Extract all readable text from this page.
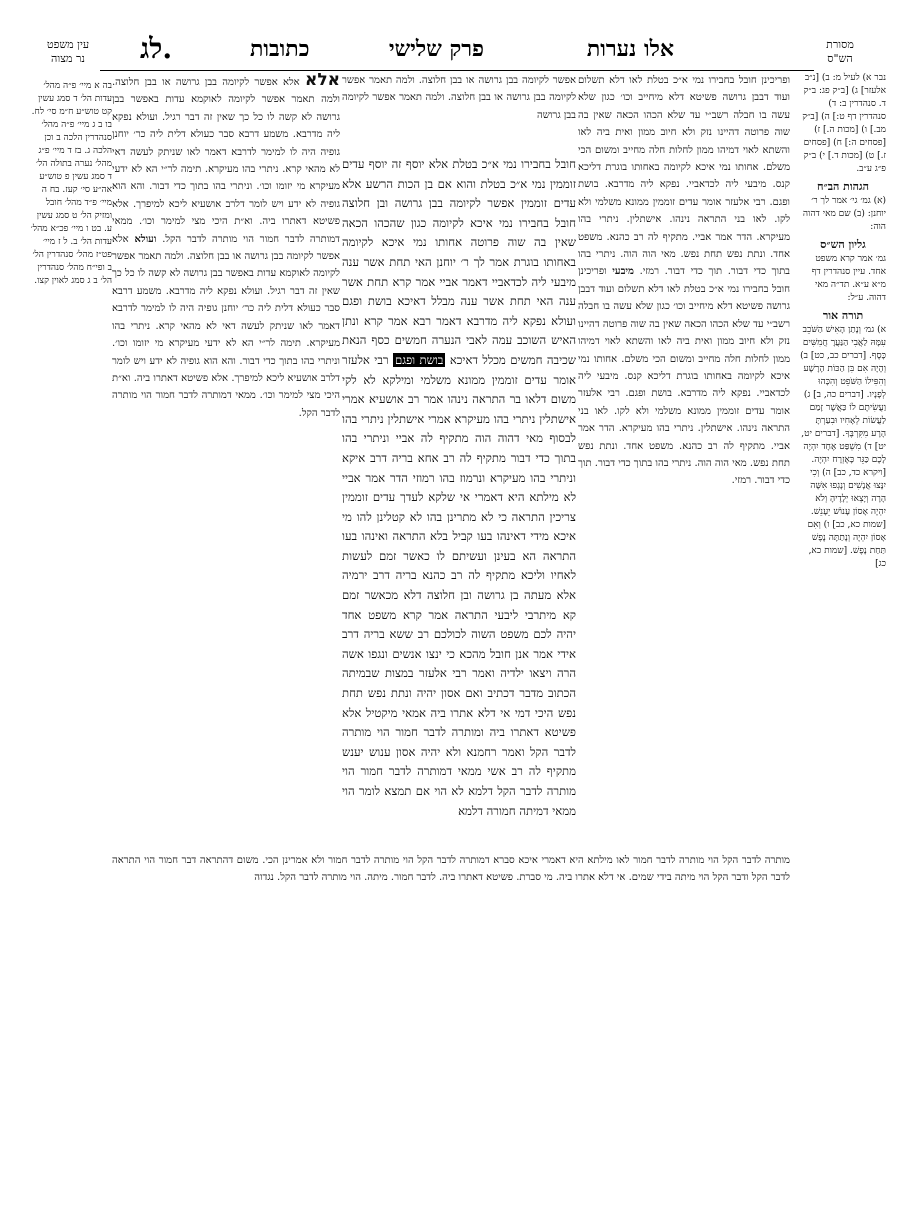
אלו נערות
פרק שלישי
כתובות
לג.
עין משפט
נר מצוה
מסורת
הש"ס
בה א מיי׳ פ״ה מהל׳ עדות הל׳ ד סמג עשין קט טוש״ע ח״מ סי׳ לח. בו ב ג מיי׳ פ״ה מהל׳ סנהדרין הלכה ב וכן הלכה ג. בז ד מיי׳ פ״ג מהל׳ נערה בתולה הל׳ ד סמג עשין פ טוש״ע אה״ע סי׳ קעז. בח ה מיי׳ פ״ד מהל׳ חובל ומזיק הל׳ ט סמג עשין ע. בט ו מיי׳ פכ״א מהל׳ עדות הל׳ ב. ל ז מיי׳ פט״ז מהל׳ סנהדרין הל׳ ב ופי״ח מהל׳ סנהדרין הל׳ ב ג סמג לאוין קצו.

אלא אלא אפשר לקיומה בבן גרושה או בבן חלוצה. ולמה תאמר אפשר לקיומה לאוקמא עדות באפשר בבן גרושה לא קשה לו כל כך שאין זה דבר רגיל. ועולא נפקא ליה מדרבא. משמע דרבא סבר כעולא דלית ליה כר׳ יוחנן גופיה היה לו למימר לדרבא דאמר לאו שניתק לעשה דאי לא מהאי קרא. ניתרי בהו מעיקרא. תימה לר״י הא לא ידעי מעיקרא מי יזומו וכו׳. וניתרי בהו בתוך כדי דבור. והא הוא גופיה לא ידע ויש לומר דלרב אושעיא ליכא למיפרך. אלא פשיטא דאתרו ביה. וא״ת היכי מצי למימר וכו׳. ממאי דמותרה לדבר חמור הוי מותרה לדבר הקל. ועולא אלא אפשר לקיומה בבן גרושה או בבן חלוצה. ולמה תאמר אפשר לקיומה לאוקמא עדות באפשר בבן גרושה לא קשה לו כל כך שאין זה דבר רגיל. ועולא נפקא ליה מדרבא. משמע דרבא סבר כעולא דלית ליה כר׳ יוחנן גופיה היה לו למימר לדרבא דאמר לאו שניתק לעשה דאי לא מהאי קרא. ניתרי בהו מעיקרא. תימה לר״י הא לא ידעי מעיקרא מי יזומו וכו׳. וניתרי בהו בתוך כדי דבור. והא הוא גופיה לא ידע ויש לומר דלרב אושעיא ליכא למיפרך. אלא פשיטא דאתרו ביה. וא״ת היכי מצי למימר וכו׳. ממאי דמותרה לדבר חמור הוי מותרה לדבר הקל.

חובל בחבירו נמי א״כ בטלת אלא יוסף זה יוסף עדים זוממין נמי א״כ בטלת והוא אם בן הכות הרשע אלא עדים זוממין אפשר לקיומה בבן גרושה ובן חלוצה חובל בחבירו נמי איכא לקיומה כגון שהכהו הכאה שאין בה שוה פרוטה אחותו נמי איכא לקיומה באחותו בוגרת אמר לך ר׳ יוחנן האי תחת אשר ענה מיבעי ליה לכדאביי דאמר אביי אמר קרא תחת אשר ענה האי תחת אשר ענה מבלל דאיכא בושת ופגם ועולא נפקא ליה מדרבא דאמר רבא אמר קרא ונתן האיש השוכב עמה לאבי הנערה חמשים כסף הנאת שכיבה חמשים מכלל דאיכא בושת ופגם רבי אלעזר אומר עדים זוממין ממונא משלמי ומילקא לא לקי משום דלאו בר התראה נינהו אמר רב אושעיא אמרי אישתלין ניתרי בהו מעיקרא אמרי אישתלין ניתרי בהו לבסוף מאי דהוה הוה מתקיף לה אביי וניתרי בהו בתוך כדי דבור מתקיף לה רב אחא בריה דרב איקא וניתרי בהו מעיקרא ונרמוז בהו רמוזי הדר אמר אביי לא מילתא היא דאמרי אי שלקא לעדך עדים זוממין צריכין התראה כי לא מתרינן בהו לא קטלינן להו מי איכא מידי דאינהו בעו קביל בלא התראה ואינהו בעו התראה הא בעינן ועשיתם לו כאשר זמם לעשות לאחיו וליכא מתקיף לה רב כהנא בריה דרב ירמיה אלא מעתה בן גרושה ובן חלוצה דלא מכאשר זמם קא מיתרבי ליבעי התראה אמר קרא משפט אחד יהיה לכם משפט השוה לכולכם רב ששא בריה דרב אידי אמר אנן חובל מהכא כי ינצו אנשים ונגפו אשה הרה ויצאו ילדיה ואמר רבי אלעזר במצות שבמיתה הכתוב מדבר דכתיב ואם אסון יהיה ונתת נפש תחת נפש היכי דמי אי דלא אתרו ביה אמאי מיקטיל אלא פשיטא דאתרו ביה ומותרה לדבר חמור הוי מותרה לדבר הקל ואמר רחמנא ולא יהיה אסון ענוש יענש מתקיף לה רב אשי ממאי דמותרה לדבר חמור הוי מותרה לדבר הקל דלמא לא הוי אם תמצא לומר הוי ממאי דמיתה חמורה דלמא

ופריכינן חובל בחבירו נמי א״כ בטלת לאו דלא תשלום ועוד דבבן גרושה פשיטא דלא מיחייב וכו׳ כגון שלא עשה בו חבלה רשב״י עד שלא הכהו הכאה שאין בה שוה פרוטה דהיינו נזק ולא חיוב ממון ואית ביה לאו והשתא לאוי דמיהו ממון לחלות חלה מחייב ומשום הכי משלם. אחותו נמי איכא לקיומה באחותו בוגרת דליכא קנס. מיבעי ליה לכדאביי. נפקא ליה מדרבא. בושת ופגם. רבי אלעזר אומר עדים זוממין ממונא משלמי ולא לקו. לאו בני התראה נינהו. אישתלין. ניתרי בהו מעיקרא. הדר אמר אביי. מתקיף לה רב כהנא. משפט אחד. ונתת נפש תחת נפש. מאי הוה הוה. ניתרי בהו בתוך כדי דבור. תוך כדי דבור. רמזי. מיבעי ופריכינן חובל בחבירו נמי א״כ בטלת לאו דלא תשלום ועוד דבבן גרושה פשיטא דלא מיחייב וכו׳ כגון שלא עשה בו חבלה רשב״י עד שלא הכהו הכאה שאין בה שוה פרוטה דהיינו נזק ולא חיוב ממון ואית ביה לאו והשתא לאוי דמיהו ממון לחלות חלה מחייב ומשום הכי משלם. אחותו נמי איכא לקיומה באחותו בוגרת דליכא קנס. מיבעי ליה לכדאביי. נפקא ליה מדרבא. בושת ופגם. רבי אלעזר אומר עדים זוממין ממונא משלמי ולא לקו. לאו בני התראה נינהו. אישתלין. ניתרי בהו מעיקרא. הדר אמר אביי. מתקיף לה רב כהנא. משפט אחד. ונתת נפש תחת נפש. מאי הוה הוה. ניתרי בהו בתוך כדי דבור. תוך כדי דבור. רמזי.

אפשר לקיומה בבן גרושה או בבן חלוצה. ולמה תאמר אפשר לקיומה בבן גרושה או בבן חלוצה. ולמה תאמר אפשר לקיומה בבן גרושה

נבר א) לעיל מ: ב) [נ״ב אלעזר] ג) [ב״ק פג: ב״ק ד. סנהדרין ב: ד) סנהדרין דף ט:] ה) [ב״ק מב.] ו) [מכות ה.] ז) [פסחים ה:] ח) [פסחים ז.] ט) [מכות ד.] י) ב״ק פ״ג ע״ב.
הגהות הב״ח
(א) גמ׳ גי׳ אמר לך ר׳ יוחנן: (ב) שם מאי דהוה הוה:
גליון הש״ס
גמ׳ אמר קרא משפט אחד. עיין סנהדרין דף מ״א ע״א. תד״ה מאי דהוה. ע״ל:
תורה אור
א) גמ׳ וְנָתַן הָאִישׁ הַשֹּׁכֵב עִמָּהּ לַאֲבִי הַנַּעֲרָ חֲמִשִּׁים כָּסֶף. [דברים כב, כט] ב) וְהָיָה אִם בִּן הַכּוֹת הָרָשָׁע וְהִפִּילוֹ הַשֹּׁפֵט וְהִכָּהוּ לְפָנָיו. [דברים כה, ב] ג) וַעֲשִׂיתֶם לוֹ כַּאֲשֶׁר זָמַם לַעֲשׂוֹת לְאָחִיו וּבִעַרְתָּ הָרָע מִקִּרְבֶּךָ. [דברים יט, יט] ד) מִשְׁפַּט אֶחָד יִהְיֶה לָכֶם כַּגֵּר כָּאֶזְרָח יִהְיֶה. [ויקרא כד, כב] ה) וְכִי יִנָּצוּ אֲנָשִׁים וְנָגְפוּ אִשָּׁה הָרָה וְיָצְאוּ יְלָדֶיהָ וְלֹא יִהְיֶה אָסוֹן עָנוֹשׁ יֵעָנֵשׁ. [שמות כא, כב] ו) וְאִם אָסוֹן יִהְיֶה וְנָתַתָּה נֶפֶשׁ תַּחַת נָפֶשׁ. [שמות כא, כג]

מותרה לדבר הקל הוי מותרה לדבר חמור לאו מילתא היא דאמרי איכא סברא דמותרה לדבר הקל הוי מותרה לדבר חמור ולא אמרינן הכי. משום דהתראה דבר חמור הוי התראה לדבר הקל ודבר הקל הוי מיתה בידי שמים. אי דלא אתרו ביה. מי סברת. פשיטא דאתרו ביה. לדבר חמור. מיתה. הוי מותרה לדבר הקל. נגדוה
